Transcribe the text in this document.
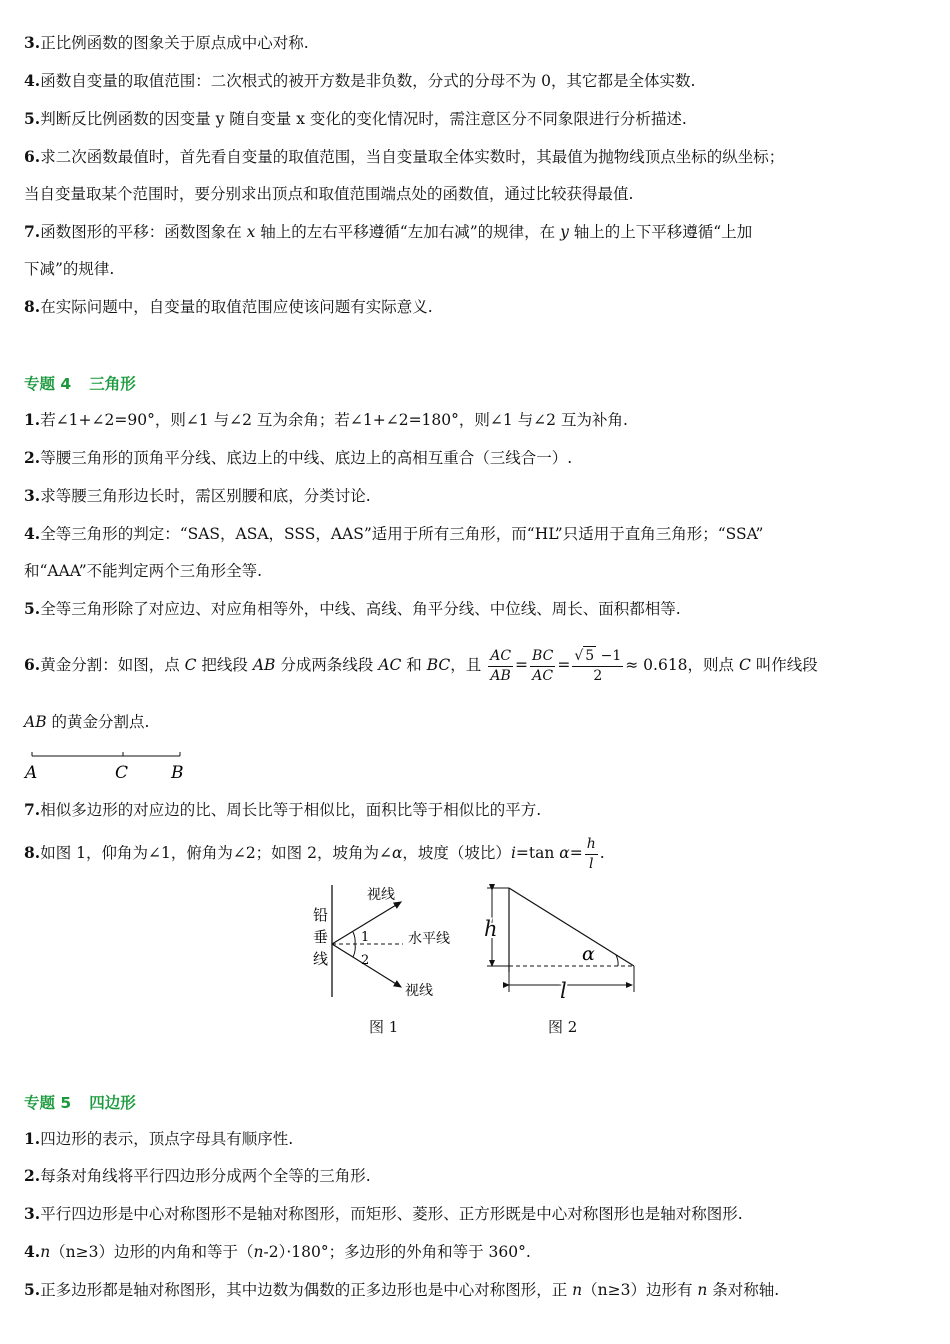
3.正比例函数的图象关于原点成中心对称.
4.函数自变量的取值范围：二次根式的被开方数是非负数，分式的分母不为 0，其它都是全体实数.
5.判断反比例函数的因变量 y 随自变量 x 变化的变化情况时，需注意区分不同象限进行分析描述.
6.求二次函数最值时，首先看自变量的取值范围，当自变量取全体实数时，其最值为抛物线顶点坐标的纵坐标；
当自变量取某个范围时，要分别求出顶点和取值范围端点处的函数值，通过比较获得最值.
7.函数图形的平移：函数图象在 x 轴上的左右平移遵循“左加右减”的规律，在 y 轴上的上下平移遵循“上加
下减”的规律.
8.在实际问题中，自变量的取值范围应使该问题有实际意义.
专题 4 三角形
1.若∠1+∠2=90°，则∠1 与∠2 互为余角；若∠1+∠2=180°，则∠1 与∠2 互为补角.
2.等腰三角形的顶角平分线、底边上的中线、底边上的高相互重合（三线合一）.
3.求等腰三角形边长时，需区别腰和底，分类讨论.
4.全等三角形的判定：“SAS，ASA，SSS，AAS”适用于所有三角形，而“HL”只适用于直角三角形；“SSA”
和“AAA”不能判定两个三角形全等.
5.全等三角形除了对应边、对应角相等外，中线、高线、角平分线、中位线、周长、面积都相等.
6.黄金分割：如图，点 C 把线段 AB 分成两条线段 AC 和 BC，且 $\frac{AC}{AB} = \frac{BC}{AC} = \frac{√ 5 -1}{2} \approx 0.618$，则点 C 叫作线段
AB 的黄金分割点.
A	C	B
7.相似多边形的对应边的比、周长比等于相似比，面积比等于相似比的平方.
8.如图 1，仰角为∠1，俯角为∠2；如图 2，坡角为∠α，坡度（坡比）i=tan $\alpha= \frac{h}{l}$ .
铅
垂
线
视线
视线
水平线
1
2
图 1
h
l
α
图 2
专题 5 四边形
1.四边形的表示，顶点字母具有顺序性.
2.每条对角线将平行四边形分成两个全等的三角形.
3.平行四边形是中心对称图形不是轴对称图形，而矩形、菱形、正方形既是中心对称图形也是轴对称图形.
4.n（n≥3）边形的内角和等于（n-2）·180°；多边形的外角和等于 360°.
5.正多边形都是轴对称图形，其中边数为偶数的正多边形也是中心对称图形，正 n（n≥3）边形有 n 条对称轴.
